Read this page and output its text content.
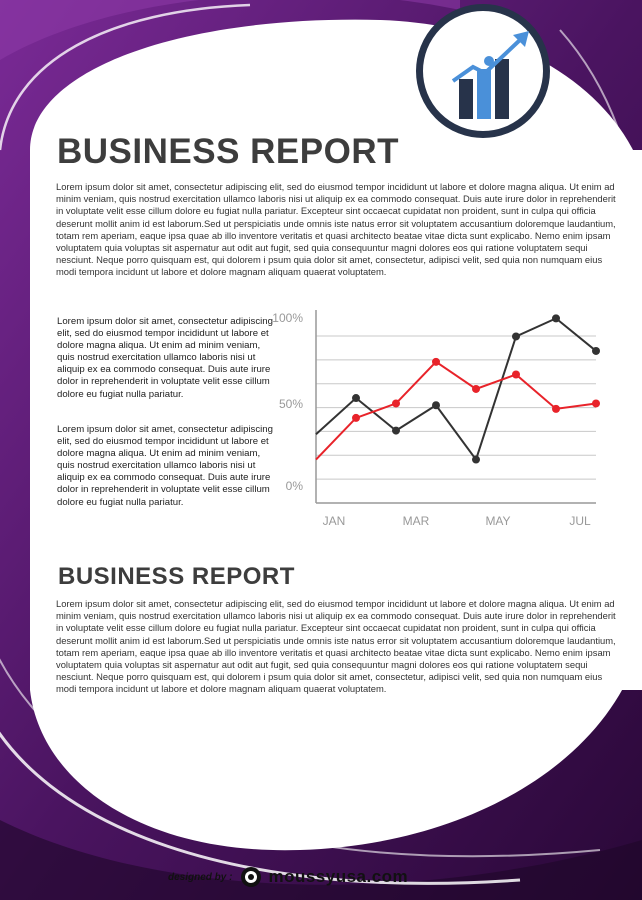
BUSINESS REPORT

Lorem ipsum dolor sit amet, consectetur adipiscing elit, sed do eiusmod tempor incididunt ut labore et dolore magna aliqua. Ut enim ad minim veniam, quis nostrud exercitation ullamco laboris nisi ut aliquip ex ea commodo consequat. Duis aute irure dolor in reprehenderit in voluptate velit esse cillum dolore eu fugiat nulla pariatur. Excepteur sint occaecat cupidatat non proident, sunt in culpa qui officia deserunt mollit anim id est laborum.Sed ut perspiciatis unde omnis iste natus error sit voluptatem accusantium doloremque laudantium, totam rem aperiam, eaque ipsa quae ab illo inventore veritatis et quasi architecto beatae vitae dicta sunt explicabo. Nemo enim ipsam voluptatem quia voluptas sit aspernatur aut odit aut fugit, sed quia consequuntur magni dolores eos qui ratione voluptatem sequi nesciunt. Neque porro quisquam est, qui dolorem i psum quia dolor sit amet, consectetur, adipisci velit, sed quia non numquam eius modi tempora incidunt ut labore et dolore magnam aliquam quaerat voluptatem.

Lorem ipsum dolor sit amet, consectetur adipiscing elit, sed do eiusmod tempor incididunt ut labore et dolore magna aliqua. Ut enim ad minim veniam, quis nostrud exercitation ullamco laboris nisi ut aliquip ex ea commodo consequat. Duis aute irure dolor in reprehenderit in voluptate velit esse cillum dolore eu fugiat nulla pariatur.

Lorem ipsum dolor sit amet, consectetur adipiscing elit, sed do eiusmod tempor incididunt ut labore et dolore magna aliqua. Ut enim ad minim veniam, quis nostrud exercitation ullamco laboris nisi ut aliquip ex ea commodo consequat. Duis aute irure dolor in reprehenderit in voluptate velit esse cillum dolore eu fugiat nulla pariatur.

100%
50%
0%
JAN	MAR	MAY	JUL
BUSINESS REPORT

Lorem ipsum dolor sit amet, consectetur adipiscing elit, sed do eiusmod tempor incididunt ut labore et dolore magna aliqua. Ut enim ad minim veniam, quis nostrud exercitation ullamco laboris nisi ut aliquip ex ea commodo consequat. Duis aute irure dolor in reprehenderit in voluptate velit esse cillum dolore eu fugiat nulla pariatur. Excepteur sint occaecat cupidatat non proident, sunt in culpa qui officia deserunt mollit anim id est laborum.Sed ut perspiciatis unde omnis iste natus error sit voluptatem accusantium doloremque laudantium, totam rem aperiam, eaque ipsa quae ab illo inventore veritatis et quasi architecto beatae vitae dicta sunt explicabo. Nemo enim ipsam voluptatem quia voluptas sit aspernatur aut odit aut fugit, sed quia consequuntur magni dolores eos qui ratione voluptatem sequi nesciunt. Neque porro quisquam est, qui dolorem i psum quia dolor sit amet, consectetur, adipisci velit, sed quia non numquam eius modi tempora incidunt ut labore et dolore magnam aliquam quaerat voluptatem.

designed by : moussyusa.com
